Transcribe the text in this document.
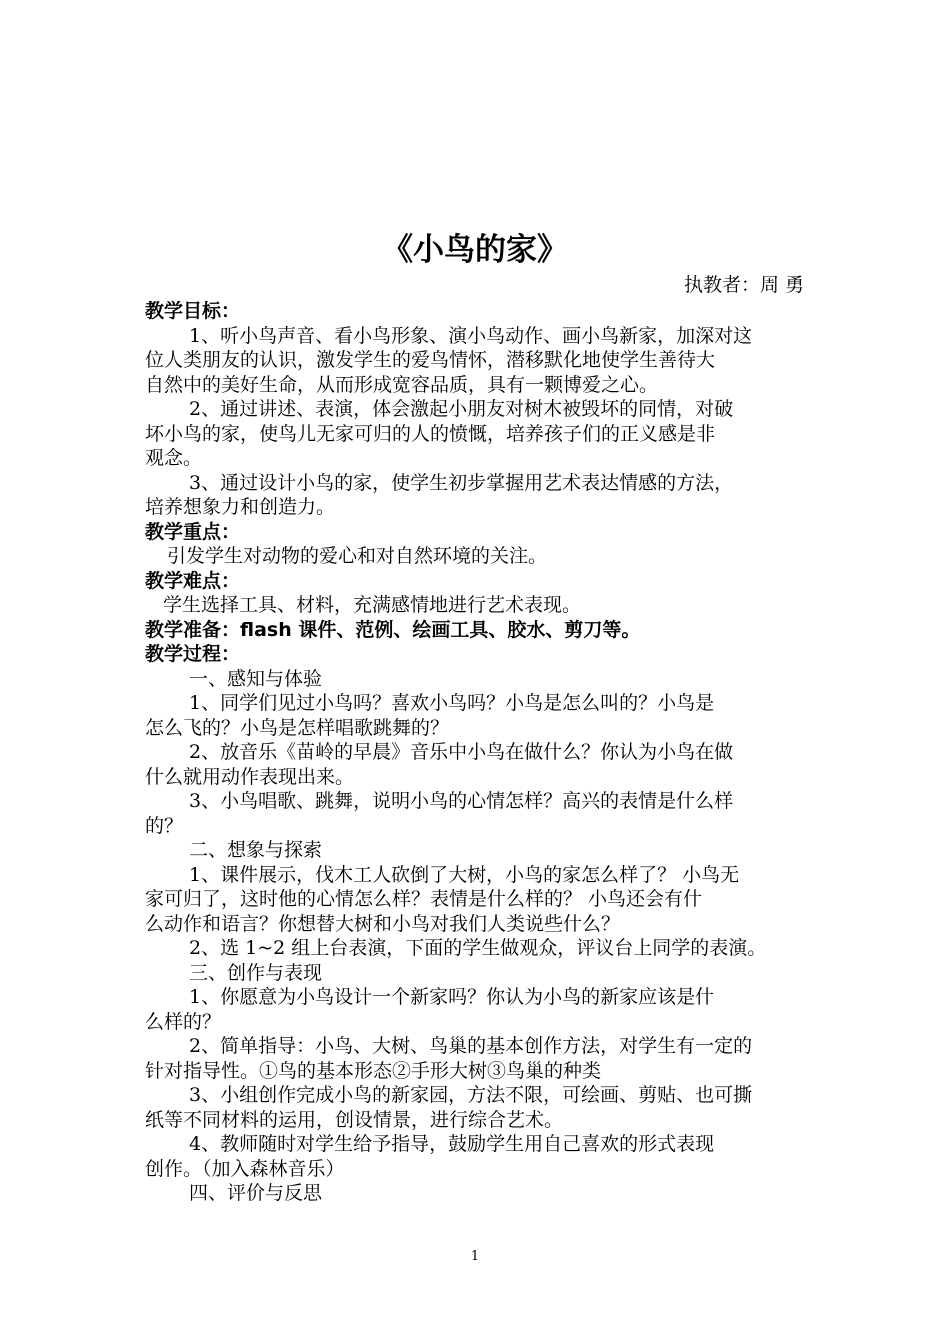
《小鸟的家》
执教者：周 勇
教学目标：
1、听小鸟声音、看小鸟形象、演小鸟动作、画小鸟新家，加深对这
位人类朋友的认识，激发学生的爱鸟情怀，潜移默化地使学生善待大
自然中的美好生命，从而形成宽容品质，具有一颗博爱之心。
2、通过讲述、表演，体会激起小朋友对树木被毁坏的同情，对破
坏小鸟的家，使鸟儿无家可归的人的愤慨，培养孩子们的正义感是非
观念。
3、通过设计小鸟的家，使学生初步掌握用艺术表达情感的方法，
培养想象力和创造力。
教学重点：
引发学生对动物的爱心和对自然环境的关注。
教学难点：
学生选择工具、材料，充满感情地进行艺术表现。
教学准备：flash 课件、范例、绘画工具、胶水、剪刀等。
教学过程：
一、感知与体验
1、同学们见过小鸟吗？喜欢小鸟吗？小鸟是怎么叫的？小鸟是
怎么飞的？小鸟是怎样唱歌跳舞的？
2、放音乐《苗岭的早晨》音乐中小鸟在做什么？你认为小鸟在做
什么就用动作表现出来。
3、小鸟唱歌、跳舞，说明小鸟的心情怎样？高兴的表情是什么样
的？
二、想象与探索
1、课件展示，伐木工人砍倒了大树，小鸟的家怎么样了？ 小鸟无
家可归了，这时他的心情怎么样？表情是什么样的？ 小鸟还会有什
么动作和语言？你想替大树和小鸟对我们人类说些什么？
2、选 1~2 组上台表演，下面的学生做观众，评议台上同学的表演。
三、创作与表现
1、你愿意为小鸟设计一个新家吗？你认为小鸟的新家应该是什
么样的？
2、简单指导：小鸟、大树、鸟巢的基本创作方法，对学生有一定的
针对指导性。①鸟的基本形态②手形大树③鸟巢的种类
3、小组创作完成小鸟的新家园，方法不限，可绘画、剪贴、也可撕
纸等不同材料的运用，创设情景，进行综合艺术。
4、教师随时对学生给予指导，鼓励学生用自己喜欢的形式表现
创作。（加入森林音乐）
四、评价与反思
1
